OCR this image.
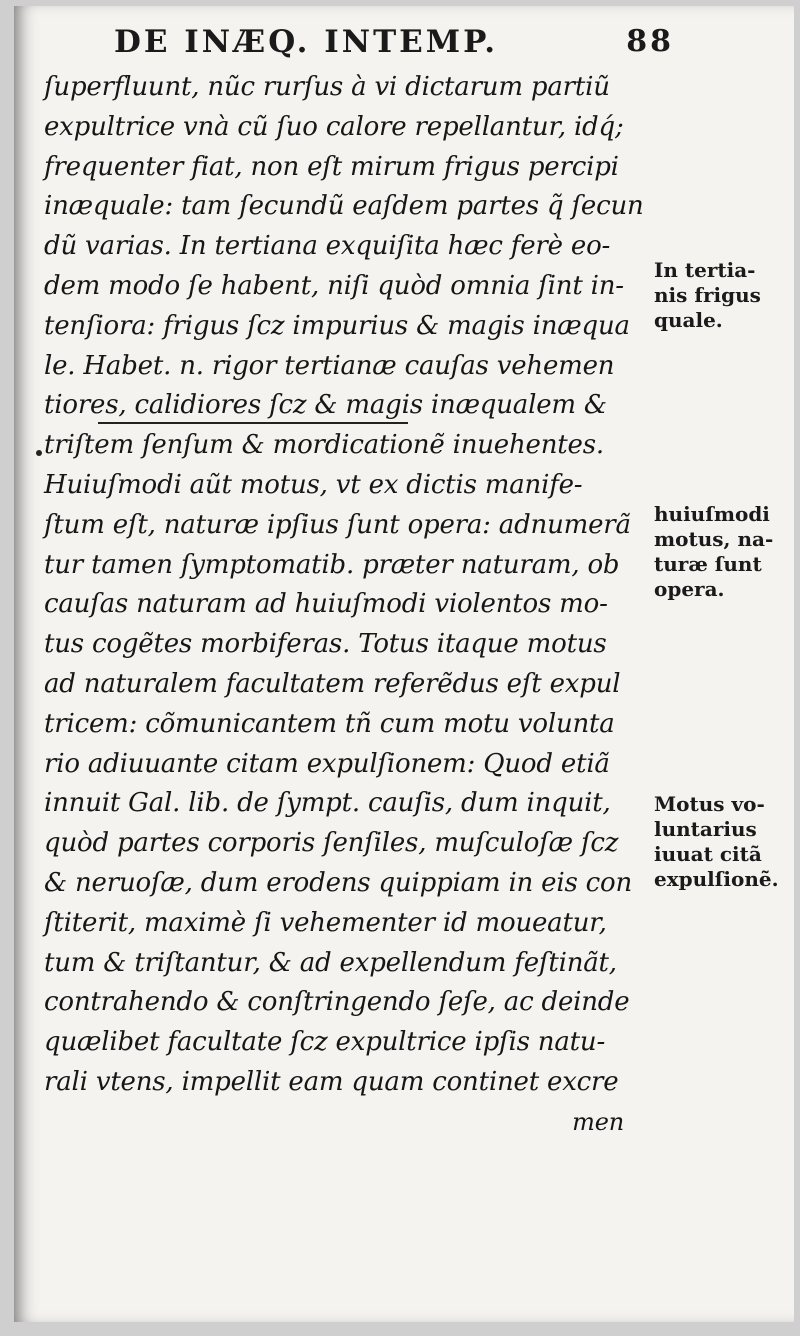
DE INÆQ. INTEMP.	88
ſuperfluunt, nũc rurſus à vi dictarum partiũ
expultrice vnà cũ ſuo calore repellantur, idq́;
frequenter fiat, non eſt mirum frigus percipi
inæquale: tam ſecundũ eaſdem partes q̃ ſecun
dũ varias. In tertiana exquiſita hæc ferè eo-
dem modo ſe habent, niſi quòd omnia ſint in-
tenſiora: frigus ſcz impurius & magis inæqua
le. Habet. n. rigor tertianæ cauſas vehemen
tiores, calidiores ſcz & magis inæqualem &
triſtem ſenſum & mordicationẽ inuehentes.
Huiuſmodi aũt motus, vt ex dictis manife-
ſtum eſt, naturæ ipſius ſunt opera: adnumerã
tur tamen ſymptomatib. præter naturam, ob
cauſas naturam ad huiuſmodi violentos mo-
tus cogẽtes morbiferas. Totus itaque motus
ad naturalem facultatem referẽdus eſt expul
tricem: cõmunicantem tñ cum motu volunta
rio adiuuante citam expulſionem: Quod etiã
innuit Gal. lib. de ſympt. cauſis, dum inquit,
quòd partes corporis ſenſiles, muſculoſæ ſcz
& neruoſæ, dum erodens quippiam in eis con
ſtiterit, maximè ſi vehementer id moueatur,
tum & triſtantur, & ad expellendum feſtinãt,
contrahendo & conſtringendo ſeſe, ac deinde
quælibet facultate ſcz expultrice ipſis natu-
rali vtens, impellit eam quam continet excre
men
In tertia-
nis frigus
quale.
huiuſmodi
motus, na-
turæ ſunt
opera.
Motus vo-
luntarius
iuuat citã
expulſionẽ.
